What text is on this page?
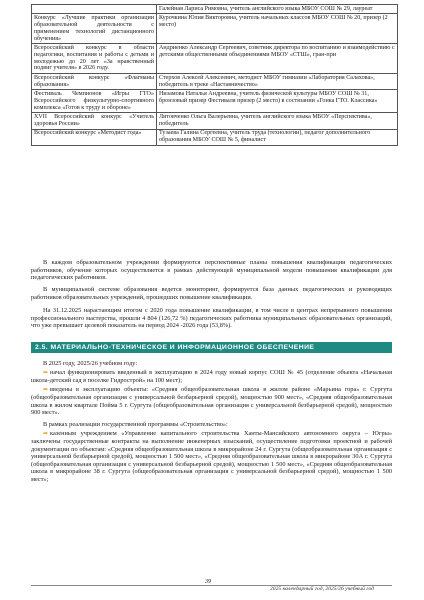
	Галейная Лариса Римовна, учитель английского языка МБОУ СОШ № 29, лауреат
Конкурс «Лучшие практики организации образовательной деятельности с применением технологий дистанционного обучения»	Курочкина Юлия Викторовна, учитель начальных классов МБОУ СОШ № 20, призер (2 место)
Всероссийский конкурс в области педагогики, воспитания и работы с детьми и молодежью до 20 лет «За нравственный подвиг учителя» в 2026 году.	Андриенко Александр Сергеевич, советник директора по воспитанию и взаимодействию с детскими общественными объединениями МБОУ «СТШ», гран-при
Всероссийский конкурс «Флагманы образования»	Стерхов Алексей Алексеевич, методист МБОУ гимназии «Лаборатория Салахова», победитель в треке «Наставничество»
Фестиваль Чемпионов «Игры ГТО» Всероссийского физкультурно-спортивного комплекса «Готов к труду и обороне»	Низамова Наталья Андреевна, учитель физической культуры МБОУ СОШ № 31, бронзовый призер Фестиваля призер (2 место) в состязании «Гонка ГТО. Классика»
XVII Всероссийский конкурс «Учитель здоровья России»	Литовченко Ольга Валерьевна, учитель английского языка МБОУ «Перспектива», победитель
Всероссийский конкурс «Методист года»	Тузаева Галина Сергеевна, учитель труда (технологии), педагог дополнительного образования МБОУ СОШ № 5, финалист

В каждом образовательном учреждении формируются перспективные планы повышения квалификации педагогических работников, обучение которых осуществляется в рамках действующей муниципальной модели повышения квалификации для педагогических работников.

В муниципальной системе образования ведется мониторинг, формируется база данных педагогических и руководящих работников образовательных учреждений, прошедших повышение квалификации.

На 31.12.2025 нарастающим итогом с 2020 года повышение квалификации, в том числе в центрах непрерывного повышения профессионального мастерства, прошли 4 804 (126,72 %) педагогических работника муниципальных образовательных организаций, что уже превышает целевой показатель на период 2024 -2026 года (53,8%).

2.5. МАТЕРИАЛЬНО-ТЕХНИЧЕСКОЕ И ИНФОРМАЦИОННОЕ ОБЕСПЕЧЕНИЕ

В 2025 году, 2025/26 учебном году:

➦ начал функционировать введенный в эксплуатацию в 2024 году новый корпус СОШ № 45 (отделение объекта «Начальная школа-детский сад в поселке Гидрострой» на 100 мест);

➦ введены в эксплуатацию объекты: «Средняя общеобразовательная школа в жилом районе «Марьина гора» г. Сургута (общеобразовательная организация с универсальной безбарьерной средой), мощностью 900 мест», «Средняя общеобразовательная школа в жилом квартале Пойма 5 г. Сургута (общеобразовательная организация с универсальной безбарьерной средой), мощностью 900 мест».

В рамках реализации государственной программы «Строительство»:

➦ казенным учреждением «Управление капитального строительства Ханты-Мансийского автономного округа – Югры» заключены государственные контракты на выполнение инженерных изысканий, осуществление подготовки проектной и рабочей документации по объектам: «Средняя общеобразовательная школа в микрорайоне 24 г. Сургута (общеобразовательная организация с универсальной безбарьерной средой), мощностью 1 500 мест», «Средняя общеобразовательная школа в микрорайоне 30А г. Сургута (общеобразовательная организация с универсальной безбарьерной средой), мощностью 1 500 мест», «Средняя общеобразовательная школа в микрорайоне 38 г. Сургута (общеобразовательная организация с универсальной безбарьерной средой), мощностью 1 500 мест»;

39
2025 календарный год, 2025/26 учебный год
